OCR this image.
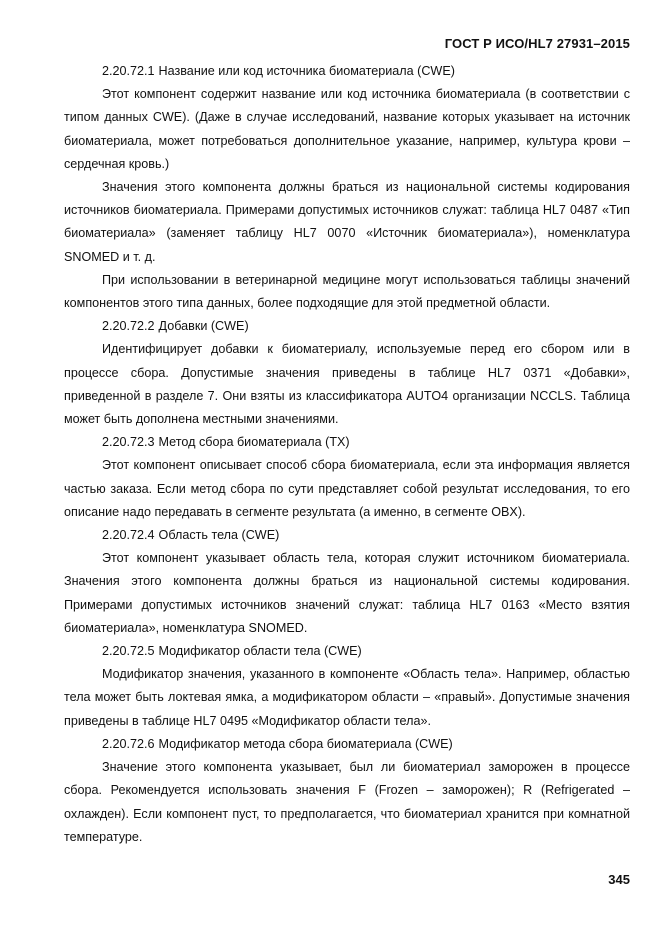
ГОСТ Р ИСО/HL7 27931–2015

2.20.72.1 Название или код источника биоматериала (CWE)

Этот компонент содержит название или код источника биоматериала (в соответствии с типом данных CWE). (Даже в случае исследований, название которых указывает на источник биоматериала, может потребоваться дополнительное указание, например, культура крови – сердечная кровь.)

Значения этого компонента должны браться из национальной системы кодирования источников биоматериала. Примерами допустимых источников служат: таблица HL7 0487 «Тип биоматериала» (заменяет таблицу HL7 0070 «Источник биоматериала»), номенклатура SNOMED и т. д.

При использовании в ветеринарной медицине могут использоваться таблицы значений компонентов этого типа данных, более подходящие для этой предметной области.

2.20.72.2 Добавки (CWE)

Идентифицирует добавки к биоматериалу, используемые перед его сбором или в процессе сбора. Допустимые значения приведены в таблице HL7 0371 «Добавки», приведенной в разделе 7. Они взяты из классификатора AUTO4 организации NCCLS. Таблица может быть дополнена местными значениями.

2.20.72.3 Метод сбора биоматериала (TX)

Этот компонент описывает способ сбора биоматериала, если эта информация является частью заказа. Если метод сбора по сути представляет собой результат исследования, то его описание надо передавать в сегменте результата (а именно, в сегменте OBX).

2.20.72.4 Область тела (CWE)

Этот компонент указывает область тела, которая служит источником биоматериала. Значения этого компонента должны браться из национальной системы кодирования. Примерами допустимых источников значений служат: таблица HL7 0163 «Место взятия биоматериала», номенклатура SNOMED.

2.20.72.5 Модификатор области тела (CWE)

Модификатор значения, указанного в компоненте «Область тела». Например, областью тела может быть локтевая ямка, а модификатором области – «правый». Допустимые значения приведены в таблице HL7 0495 «Модификатор области тела».

2.20.72.6 Модификатор метода сбора биоматериала (CWE)

Значение этого компонента указывает, был ли биоматериал заморожен в процессе сбора. Рекомендуется использовать значения F (Frozen – заморожен); R (Refrigerated – охлажден). Если компонент пуст, то предполагается, что биоматериал хранится при комнатной температуре.

345
